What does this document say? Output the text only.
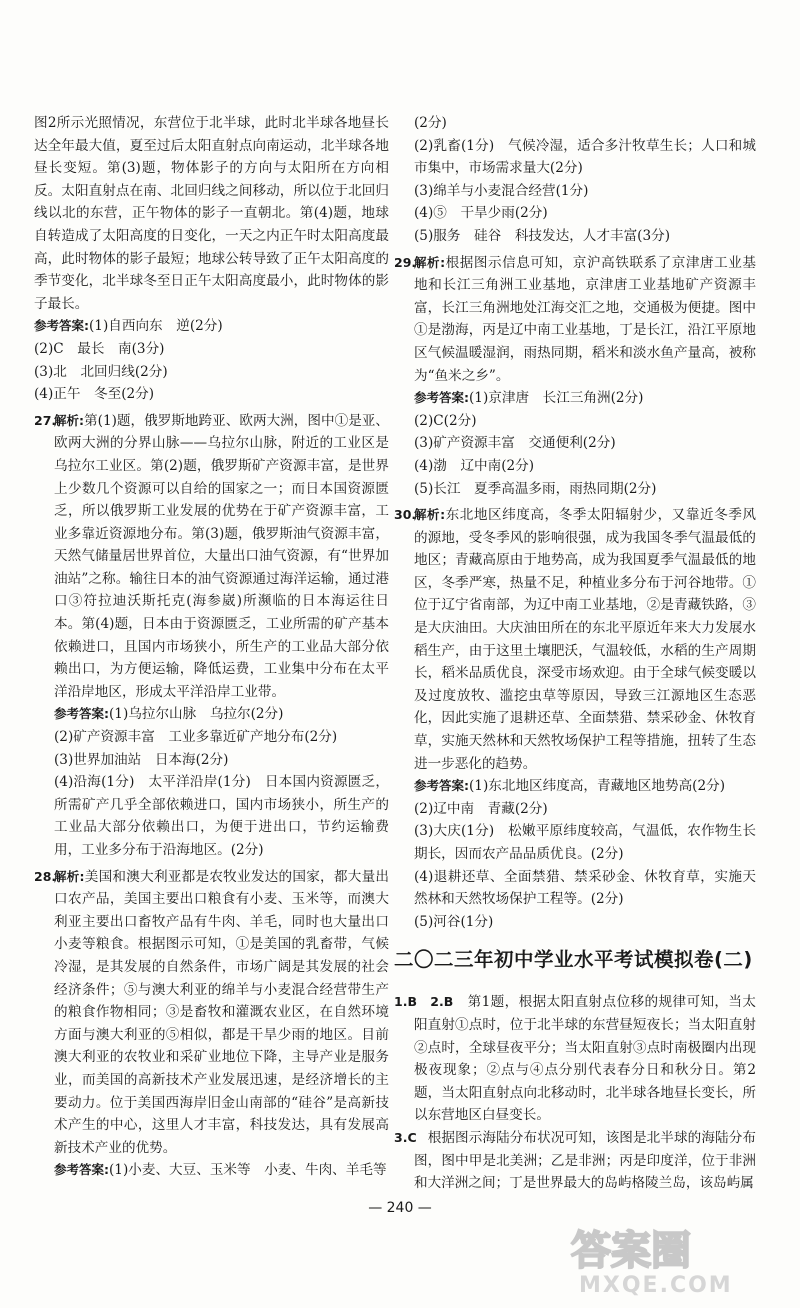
图2所示光照情况，东营位于北半球，此时北半球各地昼长达全年最大值，夏至过后太阳直射点向南运动，北半球各地昼长变短。第(3)题，物体影子的方向与太阳所在方向相反。太阳直射点在南、北回归线之间移动，所以位于北回归线以北的东营，正午物体的影子一直朝北。第(4)题，地球自转造成了太阳高度的日变化，一天之内正午时太阳高度最高，此时物体的影子最短；地球公转导致了正午太阳高度的季节变化，北半球冬至日正午太阳高度最小，此时物体的影子最长。

参考答案:(1)自西向东　逆(2分)

(2)C　最长　南(3分)

(3)北　北回归线(2分)

(4)正午　冬至(2分)

27.
解析:第(1)题，俄罗斯地跨亚、欧两大洲，图中①是亚、欧两大洲的分界山脉——乌拉尔山脉，附近的工业区是乌拉尔工业区。第(2)题，俄罗斯矿产资源丰富，是世界上少数几个资源可以自给的国家之一；而日本国资源匮乏，所以俄罗斯工业发展的优势在于矿产资源丰富，工业多靠近资源地分布。第(3)题，俄罗斯油气资源丰富，天然气储量居世界首位，大量出口油气资源，有“世界加油站”之称。输往日本的油气资源通过海洋运输，通过港口③符拉迪沃斯托克(海参崴)所濒临的日本海运往日本。第(4)题，日本由于资源匮乏，工业所需的矿产基本依赖进口，且国内市场狭小，所生产的工业品大部分依赖出口，为方便运输，降低运费，工业集中分布在太平洋沿岸地区，形成太平洋沿岸工业带。

参考答案:(1)乌拉尔山脉　乌拉尔(2分)

(2)矿产资源丰富　工业多靠近矿产地分布(2分)

(3)世界加油站　日本海(2分)

(4)沿海(1分)　太平洋沿岸(1分)　日本国内资源匮乏，所需矿产几乎全部依赖进口，国内市场狭小，所生产的工业品大部分依赖出口，为便于进出口，节约运输费用，工业多分布于沿海地区。(2分)

28.
解析:美国和澳大利亚都是农牧业发达的国家，都大量出口农产品，美国主要出口粮食有小麦、玉米等，而澳大利亚主要出口畜牧产品有牛肉、羊毛，同时也大量出口小麦等粮食。根据图示可知，①是美国的乳畜带，气候冷湿，是其发展的自然条件，市场广阔是其发展的社会经济条件；⑤与澳大利亚的绵羊与小麦混合经营带生产的粮食作物相同；③是畜牧和灌溉农业区，在自然环境方面与澳大利亚的⑤相似，都是干旱少雨的地区。目前澳大利亚的农牧业和采矿业地位下降，主导产业是服务业，而美国的高新技术产业发展迅速，是经济增长的主要动力。位于美国西海岸旧金山南部的“硅谷”是高新技术产生的中心，这里人才丰富，科技发达，具有发展高新技术产业的优势。

参考答案:(1)小麦、大豆、玉米等　小麦、牛肉、羊毛等

(2分)

(2)乳畜(1分)　气候冷湿，适合多汁牧草生长；人口和城市集中，市场需求量大(2分)

(3)绵羊与小麦混合经营(1分)

(4)⑤　干旱少雨(2分)

(5)服务　硅谷　科技发达，人才丰富(3分)

29.
解析:根据图示信息可知，京沪高铁联系了京津唐工业基地和长江三角洲工业基地，京津唐工业基地矿产资源丰富，长江三角洲地处江海交汇之地，交通极为便捷。图中①是渤海，丙是辽中南工业基地，丁是长江，沿江平原地区气候温暖湿润，雨热同期，稻米和淡水鱼产量高，被称为“鱼米之乡”。

参考答案:(1)京津唐　长江三角洲(2分)

(2)C(2分)

(3)矿产资源丰富　交通便利(2分)

(4)渤　辽中南(2分)

(5)长江　夏季高温多雨，雨热同期(2分)

30.
解析:东北地区纬度高，冬季太阳辐射少，又靠近冬季风的源地，受冬季风的影响很强，成为我国冬季气温最低的地区；青藏高原由于地势高，成为我国夏季气温最低的地区，冬季严寒，热量不足，种植业多分布于河谷地带。①位于辽宁省南部，为辽中南工业基地，②是青藏铁路，③是大庆油田。大庆油田所在的东北平原近年来大力发展水稻生产，由于这里土壤肥沃，气温较低，水稻的生产周期长，稻米品质优良，深受市场欢迎。由于全球气候变暖以及过度放牧、滥挖虫草等原因，导致三江源地区生态恶化，因此实施了退耕还草、全面禁猎、禁采砂金、休牧育草，实施天然林和天然牧场保护工程等措施，扭转了生态进一步恶化的趋势。

参考答案:(1)东北地区纬度高，青藏地区地势高(2分)

(2)辽中南　青藏(2分)

(3)大庆(1分)　松嫩平原纬度较高，气温低，农作物生长期长，因而农产品品质优良。(2分)

(4)退耕还草、全面禁猎、禁采砂金、休牧育草，实施天然林和天然牧场保护工程等。(2分)

(5)河谷(1分)

二〇二三年初中学业水平考试模拟卷(二)

1.B　2.B　 第1题，根据太阳直射点位移的规律可知，当太阳直射①点时，位于北半球的东营昼短夜长；当太阳直射②点时，全球昼夜平分；当太阳直射③点时南极圈内出现极夜现象；②点与④点分别代表春分日和秋分日。第2题，当太阳直射点向北移动时，北半球各地昼长变长，所以东营地区白昼变长。

3.C
　 根据图示海陆分布状况可知，该图是北半球的海陆分布图，图中甲是北美洲；乙是非洲；丙是印度洋，位于非洲和大洋洲之间；丁是世界最大的岛屿格陵兰岛，该岛屿属

— 240 —
答案圈
MXQE.COM
